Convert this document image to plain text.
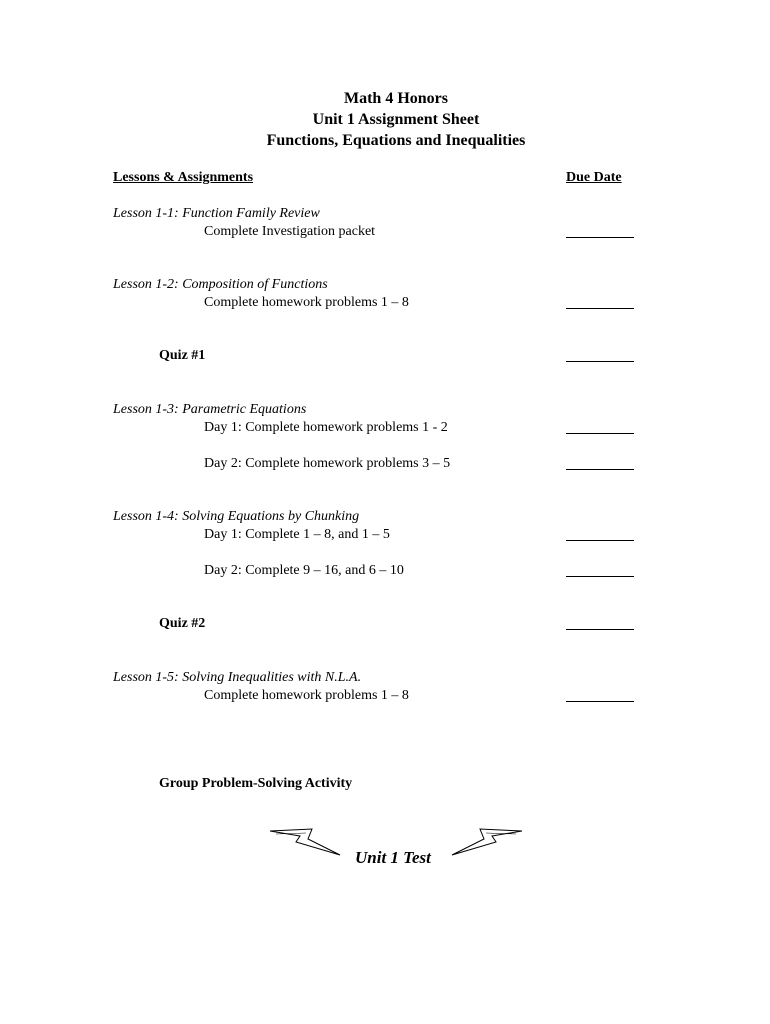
Math 4 Honors
Unit 1 Assignment Sheet
Functions, Equations and Inequalities
Lessons & Assignments	Due Date
Lesson 1-1: Function Family Review
Complete Investigation packet
Lesson 1-2: Composition of Functions
Complete homework problems 1 – 8
Quiz #1
Lesson 1-3: Parametric Equations
Day 1: Complete homework problems 1 - 2
Day 2: Complete homework problems 3 – 5
Lesson 1-4: Solving Equations by Chunking
Day 1: Complete 1 – 8, and 1 – 5
Day 2: Complete 9 – 16, and 6 – 10
Quiz #2
Lesson 1-5: Solving Inequalities with N.L.A.
Complete homework problems 1 – 8
Group Problem-Solving Activity
Unit 1 Test
